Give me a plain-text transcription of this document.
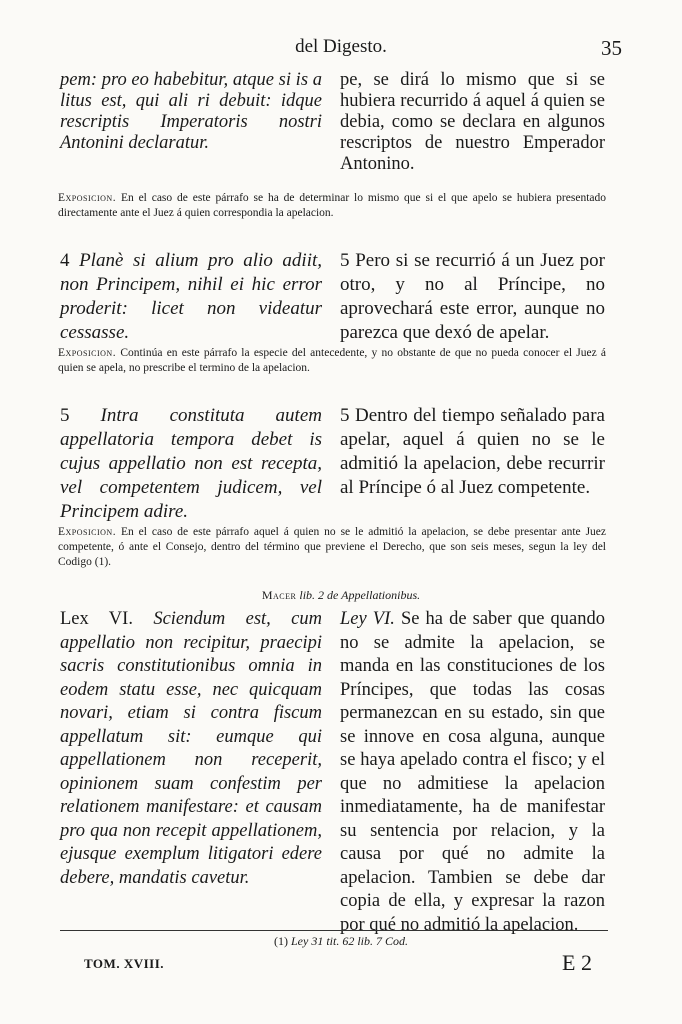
del Digesto.	35

pem: pro eo habebitur, atque si is a litus est, qui ali ri debuit: idque rescriptis Imperatoris nostri Antonini declaratur.

pe, se dirá lo mismo que si se hubiera recurrido á aquel á quien se debia, como se declara en algunos rescriptos de nuestro Emperador Antonino.

Exposicion. En el caso de este párrafo se ha de determinar lo mismo que si el que apelo se hubiera presentado directamente ante el Juez á quien correspondia la apelacion.

4 Planè si alium pro alio adiit, non Principem, nihil ei hic error proderit: licet non videatur cessasse.

5 Pero si se recurrió á un Juez por otro, y no al Príncipe, no aprovechará este error, aunque no parezca que dexó de apelar.

Exposicion. Continúa en este párrafo la especie del antecedente, y no obstante de que no pueda conocer el Juez á quien se apela, no prescribe el termino de la apelacion.

5 Intra constituta autem appellatoria tempora debet is cujus appellatio non est recepta, vel competentem judicem, vel Principem adire.

5 Dentro del tiempo señalado para apelar, aquel á quien no se le admitió la apelacion, debe recurrir al Príncipe ó al Juez competente.

Exposicion. En el caso de este párrafo aquel á quien no se le admitió la apelacion, se debe presentar ante Juez competente, ó ante el Consejo, dentro del término que previene el Derecho, que son seis meses, segun la ley del Codigo (1).

Macer lib. 2 de Appellationibus.

Lex VI. Sciendum est, cum appellatio non recipitur, praecipi sacris constitutionibus omnia in eodem statu esse, nec quicquam novari, etiam si contra fiscum appellatum sit: eumque qui appellationem non receperit, opinionem suam confestim per relationem manifestare: et causam pro qua non recepit appellationem, ejusque exemplum litigatori edere debere, mandatis cavetur.

Ley VI. Se ha de saber que quando no se admite la apelacion, se manda en las constituciones de los Príncipes, que todas las cosas permanezcan en su estado, sin que se innove en cosa alguna, aunque se haya apelado contra el fisco; y el que no admitiese la apelacion inmediatamente, ha de manifestar su sentencia por relacion, y la causa por qué no admite la apelacion. Tambien se debe dar copia de ella, y expresar la razon por qué no admitió la apelacion.

(1) Ley 31 tit. 62 lib. 7 Cod.
TOM. XVIII.	E 2
